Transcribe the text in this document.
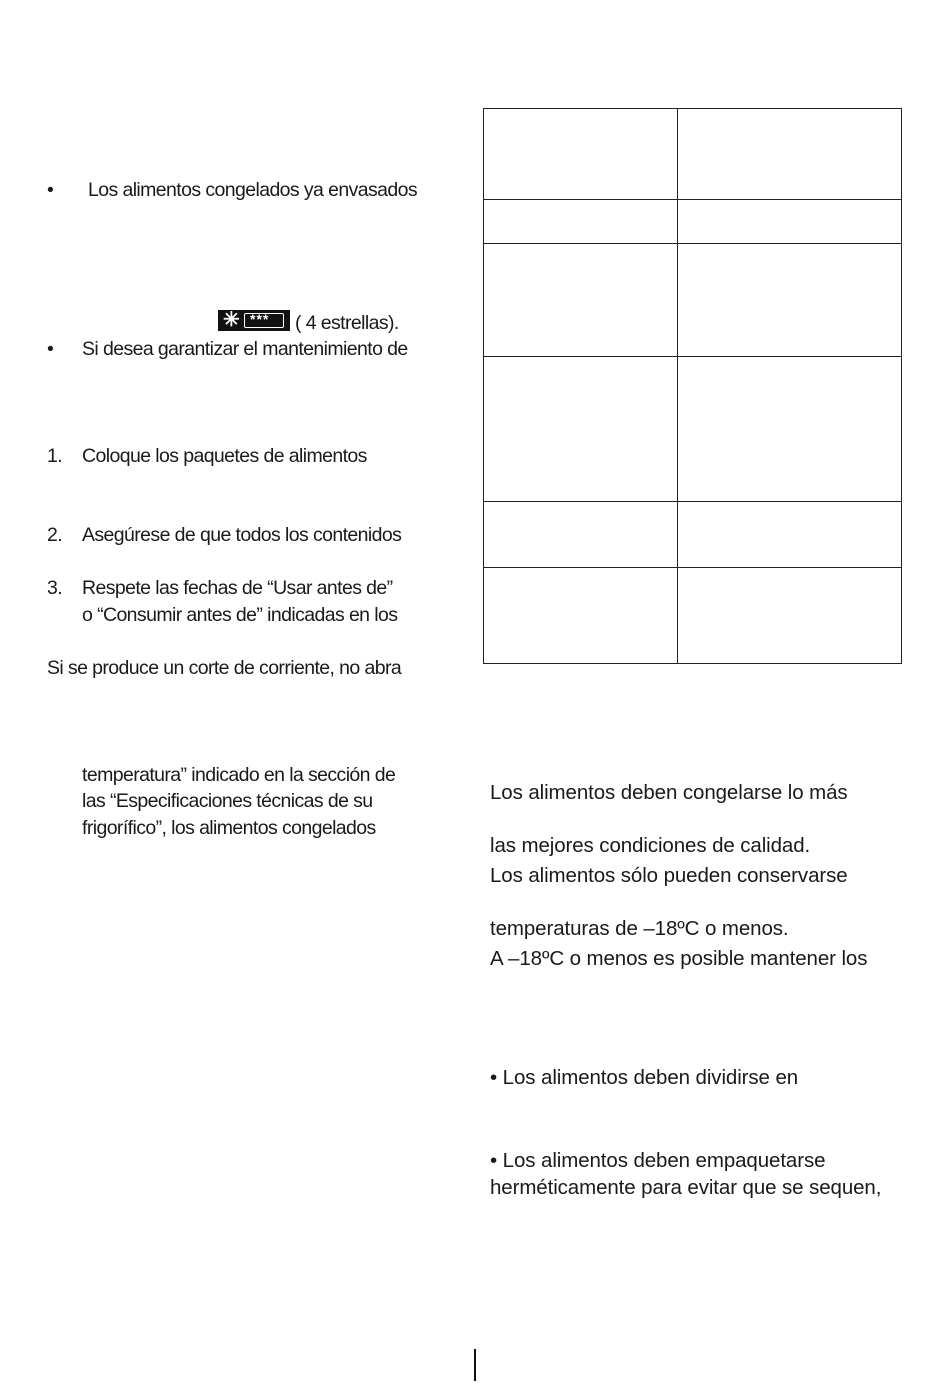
• Los alimentos congelados ya envasados
✳ *** ( 4 estrellas).
• Si desea garantizar el mantenimiento de
1. Coloque los paquetes de alimentos
2. Asegúrese de que todos los contenidos
3. Respete las fechas de “Usar antes de”
o “Consumir antes de” indicadas en los
Si se produce un corte de corriente, no abra
temperatura” indicado en la sección de
las “Especificaciones técnicas de su
frigorífico”, los alimentos congelados
Los alimentos deben congelarse lo más
las mejores condiciones de calidad.
Los alimentos sólo pueden conservarse
temperaturas de –18ºC o menos.
A –18ºC o menos es posible mantener los
• Los alimentos deben dividirse en
• Los alimentos deben empaquetarse
herméticamente para evitar que se sequen,
